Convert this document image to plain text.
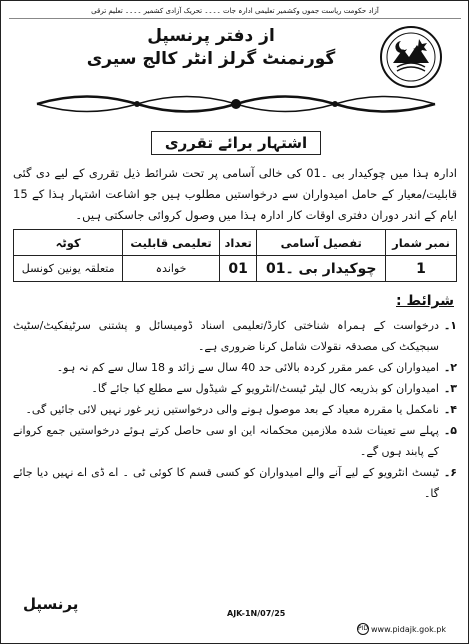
آزاد حکومت ریاست جموں وکشمیر تعلیمی ادارہ جات ۔۔۔۔ تحریک آزادی کشمیر ۔۔۔۔ تعلیم ترقی
از دفتر پرنسپل
گورنمنٹ گرلز انٹر کالج سیری
اشتہار برائے تقرری
ادارہ ہذا میں چوکیدار بی ۔01 کی خالی آسامی پر تحت شرائط ذیل تقرری کے لیے دی گئی قابلیت/معیار کے حامل امیدواران سے درخواستیں مطلوب ہیں جو اشاعت اشتہار ہذا کے 15 ایام کے اندر دوران دفتری اوقات کار ادارہ ہذا میں وصول کروائی جاسکتی ہیں۔
نمبر شمار	تفصیل آسامی	تعداد	تعلیمی قابلیت	کوٹہ
1	چوکیدار بی ۔01	01	خواندہ	متعلقہ یونین کونسل
شرائط :
۱۔
درخواست کے ہمراہ شناختی کارڈ/تعلیمی اسناد ڈومیسائل و پشتنی سرٹیفکیٹ/سٹیٹ سبجیکٹ کی مصدقہ نقولات شامل کرنا ضروری ہے۔
۲۔
امیدواران کی عمر مقرر کردہ بالائی حد 40 سال سے زائد و 18 سال سے کم نہ ہو۔
۳۔
امیدواران کو بذریعہ کال لیٹر ٹیسٹ/انٹرویو کے شیڈول سے مطلع کیا جائے گا۔
۴۔
نامکمل یا مقررہ معیاد کے بعد موصول ہونے والی درخواستیں زیر غور نہیں لائی جائیں گی۔
۵۔
پہلے سے تعینات شدہ ملازمین محکمانہ این او سی حاصل کرتے ہوئے درخواستیں جمع کروانے کے پابند ہوں گے۔
۶۔
ٹیسٹ انٹرویو کے لیے آنے والے امیدواران کو کسی قسم کا کوئی ٹی ۔ اے ڈی اے نہیں دیا جائے گا۔
پرنسپل
AJK-1N/07/25
PID www.pidajk.gok.pk
